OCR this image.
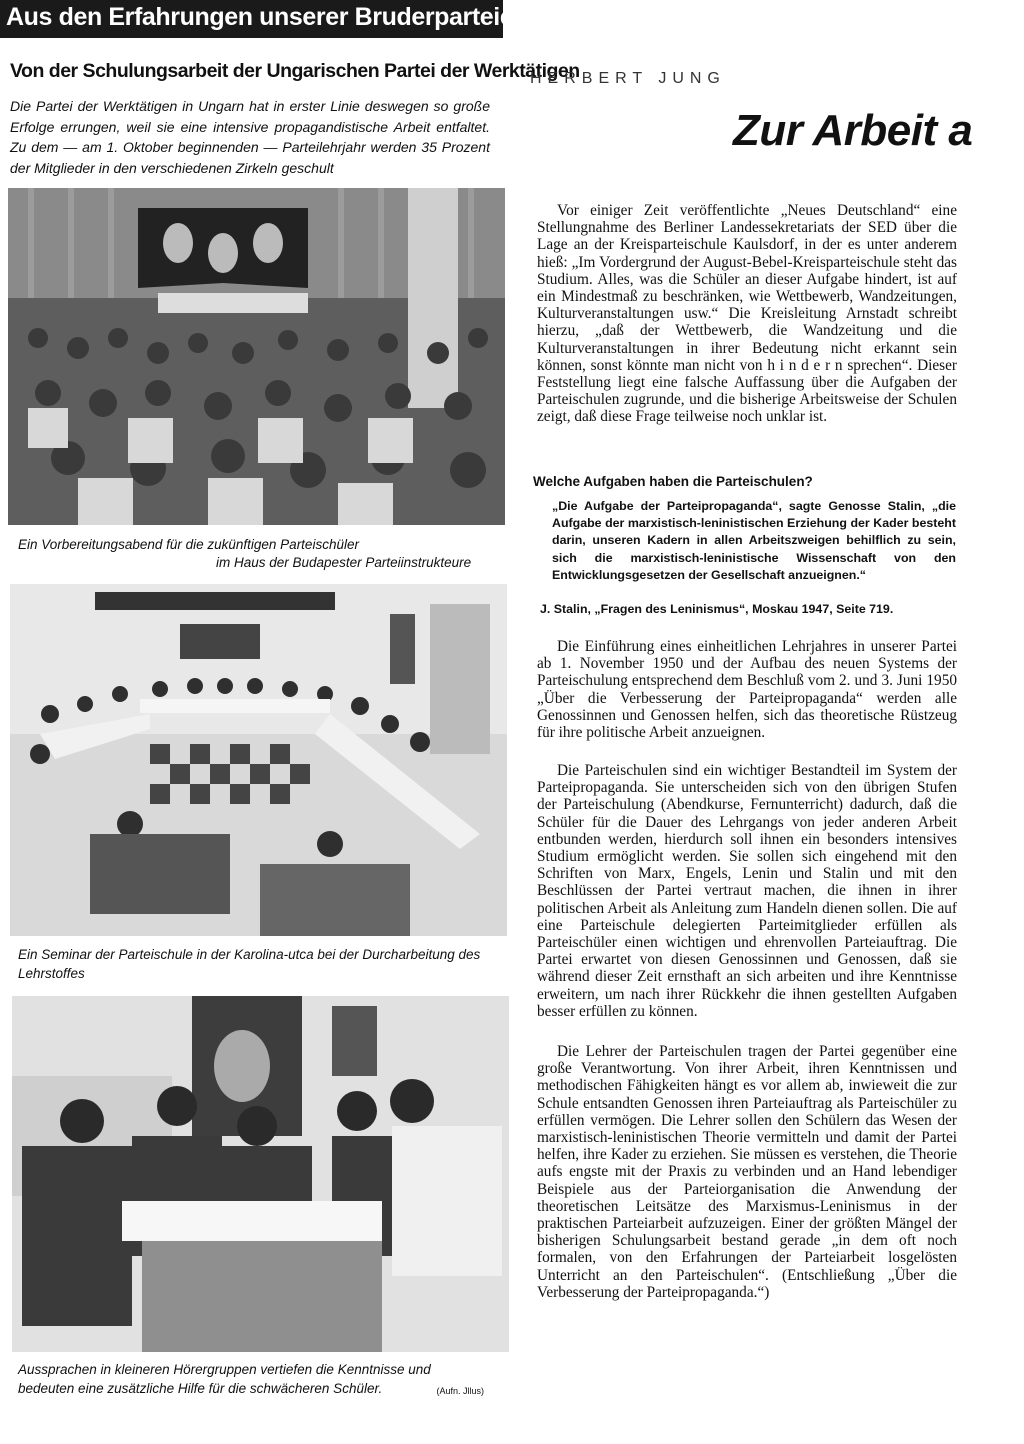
Aus den Erfahrungen unserer Bruderparteien
Von der Schulungsarbeit der Ungarischen Partei der Werktätigen
Die Partei der Werktätigen in Ungarn hat in erster Linie deswegen so große Erfolge errungen, weil sie eine intensive propagandistische Arbeit entfaltet. Zu dem — am 1. Oktober beginnenden — Parteilehrjahr werden 35 Prozent der Mitglieder in den verschiedenen Zirkeln geschult
Ein Vorbereitungsabend für die zukünftigen Parteischüler
im Haus der Budapester Parteiinstrukteure
Ein Seminar der Parteischule in der Karolina-utca bei der Durcharbeitung des Lehrstoffes
Aussprachen in kleineren Hörergruppen vertiefen die Kenntnisse und bedeuten eine zusätzliche Hilfe für die schwächeren Schüler.	(Aufn. Jllus)
HERBERT JUNG
Zur Arbeit a

Vor einiger Zeit veröffentlichte „Neues Deutschland“ eine Stellungnahme des Berliner Landessekretariats der SED über die Lage an der Kreisparteischule Kaulsdorf, in der es unter anderem hieß: „Im Vordergrund der August-Bebel-Kreisparteischule steht das Studium. Alles, was die Schüler an dieser Aufgabe hindert, ist auf ein Mindestmaß zu beschränken, wie Wettbewerb, Wandzeitungen, Kulturveranstaltungen usw.“ Die Kreisleitung Arnstadt schreibt hierzu, „daß der Wettbewerb, die Wandzeitung und die Kulturveranstaltungen in ihrer Bedeutung nicht erkannt sein können, sonst könnte man nicht von h i n d e r n sprechen“. Dieser Feststellung liegt eine falsche Auffassung über die Aufgaben der Parteischulen zugrunde, und die bisherige Arbeitsweise der Schulen zeigt, daß diese Frage teilweise noch unklar ist.

Welche Aufgaben haben die Parteischulen?
„Die Aufgabe der Parteipropaganda“, sagte Genosse Stalin, „die Aufgabe der marxistisch-leninistischen Erziehung der Kader besteht darin, unseren Kadern in allen Arbeitszweigen behilflich zu sein, sich die marxistisch-leninistische Wissenschaft von den Entwicklungsgesetzen der Gesellschaft anzueignen.“
J. Stalin, „Fragen des Leninismus“, Moskau 1947, Seite 719.

Die Einführung eines einheitlichen Lehrjahres in unserer Partei ab 1. November 1950 und der Aufbau des neuen Systems der Parteischulung entsprechend dem Beschluß vom 2. und 3. Juni 1950 „Über die Verbesserung der Parteipropaganda“ werden alle Genossinnen und Genossen helfen, sich das theoretische Rüstzeug für ihre politische Arbeit anzueignen.

Die Parteischulen sind ein wichtiger Bestandteil im System der Parteipropaganda. Sie unterscheiden sich von den übrigen Stufen der Parteischulung (Abendkurse, Fernunterricht) dadurch, daß die Schüler für die Dauer des Lehrgangs von jeder anderen Arbeit entbunden werden, hierdurch soll ihnen ein besonders intensives Studium ermöglicht werden. Sie sollen sich eingehend mit den Schriften von Marx, Engels, Lenin und Stalin und mit den Beschlüssen der Partei vertraut machen, die ihnen in ihrer politischen Arbeit als Anleitung zum Handeln dienen sollen. Die auf eine Parteischule delegierten Parteimitglieder erfüllen als Parteischüler einen wichtigen und ehrenvollen Parteiauftrag. Die Partei erwartet von diesen Genossinnen und Genossen, daß sie während dieser Zeit ernsthaft an sich arbeiten und ihre Kenntnisse erweitern, um nach ihrer Rückkehr die ihnen gestellten Aufgaben besser erfüllen zu können.

Die Lehrer der Parteischulen tragen der Partei gegenüber eine große Verantwortung. Von ihrer Arbeit, ihren Kenntnissen und methodischen Fähigkeiten hängt es vor allem ab, inwieweit die zur Schule entsandten Genossen ihren Parteiauftrag als Parteischüler zu erfüllen vermögen. Die Lehrer sollen den Schülern das Wesen der marxistisch-leninistischen Theorie vermitteln und damit der Partei helfen, ihre Kader zu erziehen. Sie müssen es verstehen, die Theorie aufs engste mit der Praxis zu verbinden und an Hand lebendiger Beispiele aus der Parteiorganisation die Anwendung der theoretischen Leitsätze des Marxismus-Leninismus in der praktischen Parteiarbeit aufzuzeigen. Einer der größten Mängel der bisherigen Schulungsarbeit bestand gerade „in dem oft noch formalen, von den Erfahrungen der Parteiarbeit losgelösten Unterricht an den Parteischulen“. (Entschließung „Über die Verbesserung der Parteipropaganda.“)
